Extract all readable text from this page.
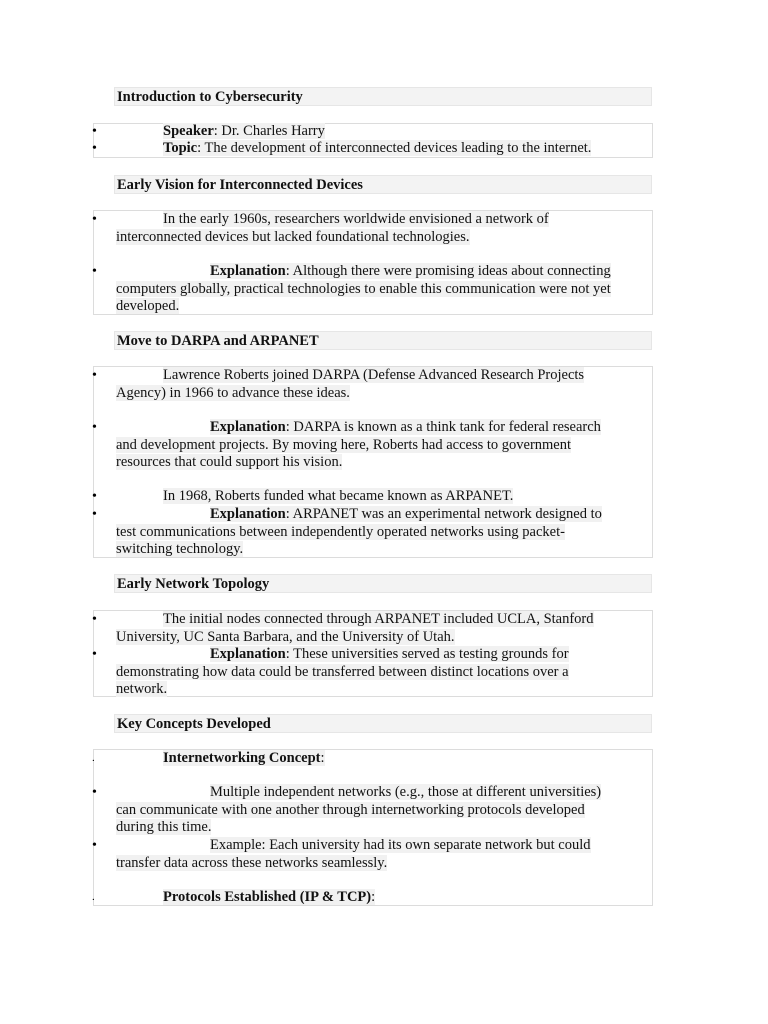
Introduction to Cybersecurity
•	Speaker: Dr. Charles Harry
•	Topic: The development of interconnected devices leading to the internet.
Early Vision for Interconnected Devices
•	In the early 1960s, researchers worldwide envisioned a network of
interconnected devices but lacked foundational technologies.
•	Explanation: Although there were promising ideas about connecting
computers globally, practical technologies to enable this communication were not yet
developed.
Move to DARPA and ARPANET
•	Lawrence Roberts joined DARPA (Defense Advanced Research Projects
Agency) in 1966 to advance these ideas.
•	Explanation: DARPA is known as a think tank for federal research
and development projects. By moving here, Roberts had access to government
resources that could support his vision.
•	In 1968, Roberts funded what became known as ARPANET.
•	Explanation: ARPANET was an experimental network designed to
test communications between independently operated networks using packet-
switching technology.
Early Network Topology
•	The initial nodes connected through ARPANET included UCLA, Stanford
University, UC Santa Barbara, and the University of Utah.
•	Explanation: These universities served as testing grounds for
demonstrating how data could be transferred between distinct locations over a
network.
Key Concepts Developed
.	Internetworking Concept:
•	Multiple independent networks (e.g., those at different universities)
can communicate with one another through internetworking protocols developed
during this time.
•	Example: Each university had its own separate network but could
transfer data across these networks seamlessly.
.	Protocols Established (IP & TCP):
